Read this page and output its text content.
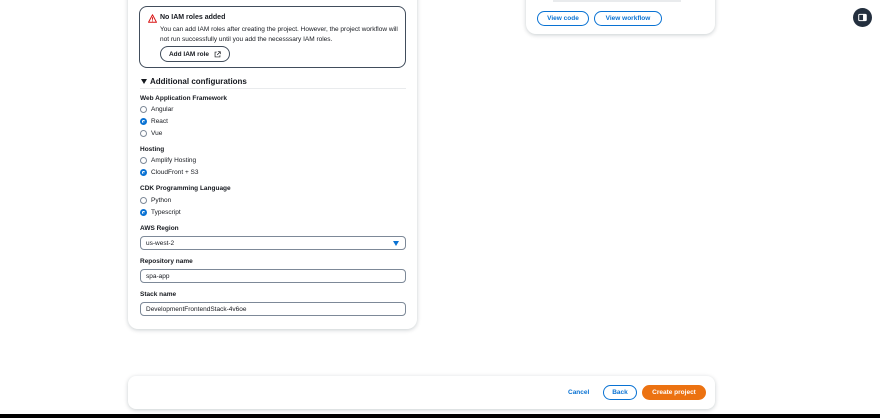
No IAM roles added
You can add IAM roles after creating the project. However, the project workflow will not run successfully until you add the necesssary IAM roles.
Add IAM role
Additional configurations
Web Application Framework
Angular
React
Vue
Hosting
Amplify Hosting
CloudFront + S3
CDK Programming Language
Python
Typescript
AWS Region
us-west-2
Repository name
spa-app
Stack name
DevelopmentFrontendStack-4v6oe
View code	View workflow
Cancel	Back	Create project
